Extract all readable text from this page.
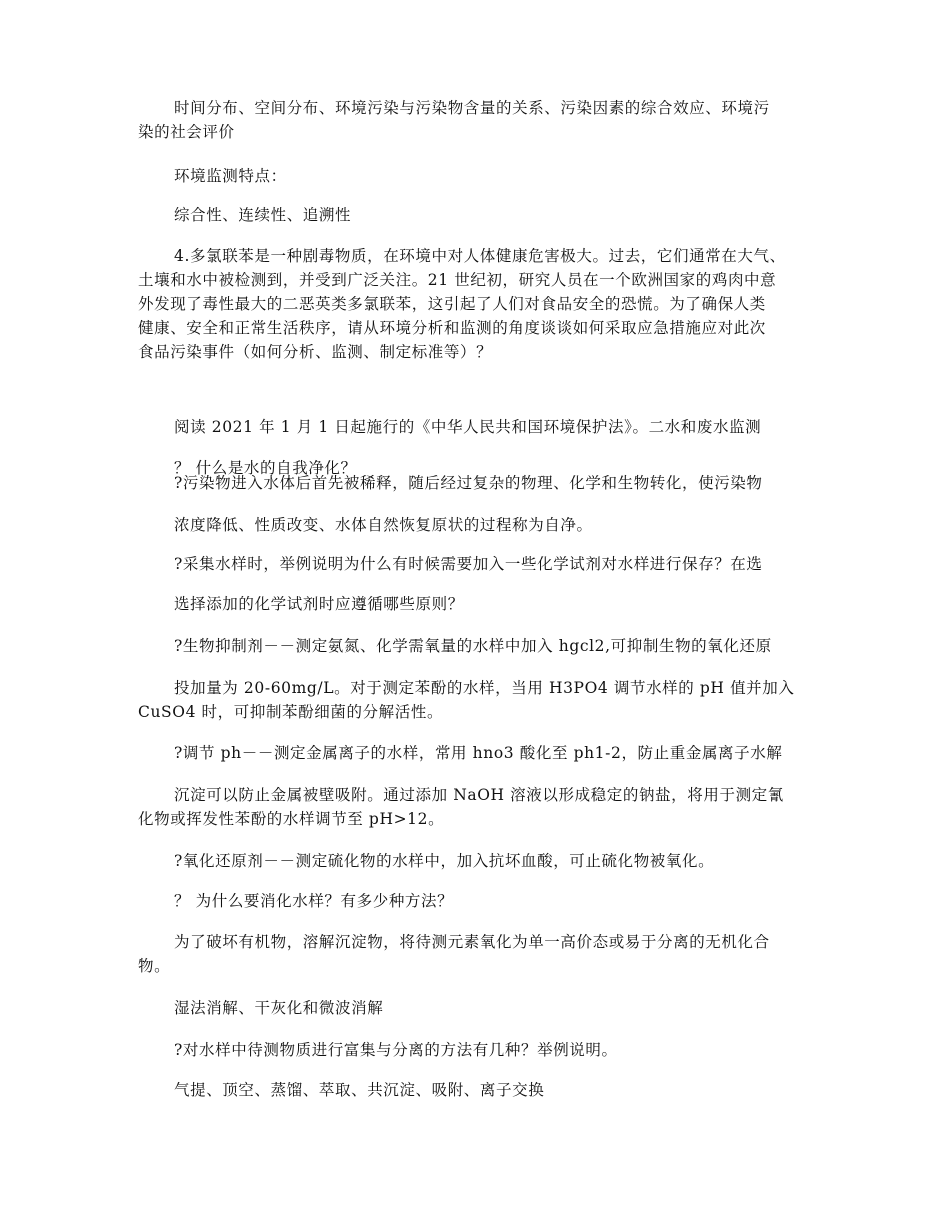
时间分布、空间分布、环境污染与污染物含量的关系、污染因素的综合效应、环境污
染的社会评价
环境监测特点：
综合性、连续性、追溯性
4.多氯联苯是一种剧毒物质，在环境中对人体健康危害极大。过去，它们通常在大气、
土壤和水中被检测到，并受到广泛关注。21 世纪初，研究人员在一个欧洲国家的鸡肉中意
外发现了毒性最大的二恶英类多氯联苯，这引起了人们对食品安全的恐慌。为了确保人类
健康、安全和正常生活秩序，请从环境分析和监测的角度谈谈如何采取应急措施应对此次
食品污染事件（如何分析、监测、制定标准等）？
阅读 2021 年 1 月 1 日起施行的《中华人民共和国环境保护法》。二水和废水监测
？ 什么是水的自我净化？
?污染物进入水体后首先被稀释，随后经过复杂的物理、化学和生物转化，使污染物
浓度降低、性质改变、水体自然恢复原状的过程称为自净。
?采集水样时，举例说明为什么有时候需要加入一些化学试剂对水样进行保存？在选
选择添加的化学试剂时应遵循哪些原则？
?生物抑制剂－－测定氨氮、化学需氧量的水样中加入 hgcl2,可抑制生物的氧化还原
投加量为 20-60mg/L。对于测定苯酚的水样，当用 H3PO4 调节水样的 pH 值并加入
CuSO4 时，可抑制苯酚细菌的分解活性。
?调节 ph－－测定金属离子的水样，常用 hno3 酸化至 ph1-2，防止重金属离子水解
沉淀可以防止金属被壁吸附。通过添加 NaOH 溶液以形成稳定的钠盐，将用于测定氰
化物或挥发性苯酚的水样调节至 pH>12。
?氧化还原剂－－测定硫化物的水样中，加入抗坏血酸，可止硫化物被氧化。
？ 为什么要消化水样？有多少种方法？
为了破坏有机物，溶解沉淀物，将待测元素氧化为单一高价态或易于分离的无机化合
物。
湿法消解、干灰化和微波消解
?对水样中待测物质进行富集与分离的方法有几种？举例说明。
气提、顶空、蒸馏、萃取、共沉淀、吸附、离子交换
